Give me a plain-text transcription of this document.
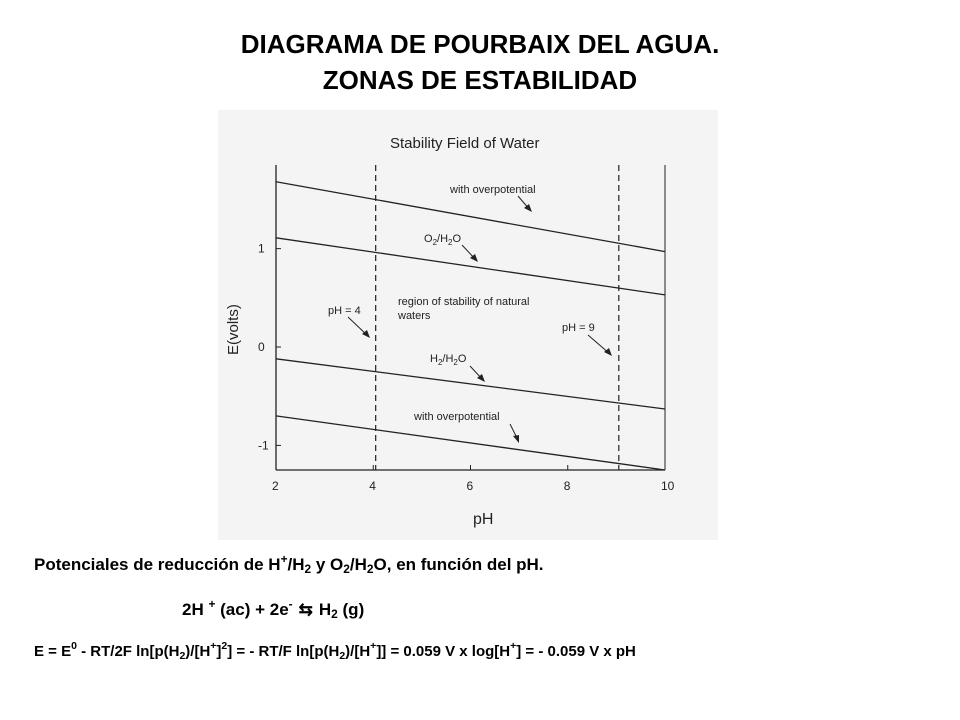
DIAGRAMA DE POURBAIX DEL AGUA.
ZONAS DE ESTABILIDAD
Stability Field of Water
2	4	6	8	10
1
0
-1
pH
E(volts)
with overpotential
$O_2/H_2O$
region of stability of natural
waters
pH = 4
pH = 9
$H_2/H_2O$
with overpotential
Potenciales de reducción de $H^+/H_2$ y $O_2/H_2O$, en función del pH.
2H + (ac) + 2e- ⇆ $H_2$ (g)
$E = E^0 - RT/2F$ $\ln[p(H_2)/[H^+]^2]$ = - RT/F $\ln[p(H_2)/[H^+]] = 0.059$ V x log[H+] = - 0.059 V x pH
